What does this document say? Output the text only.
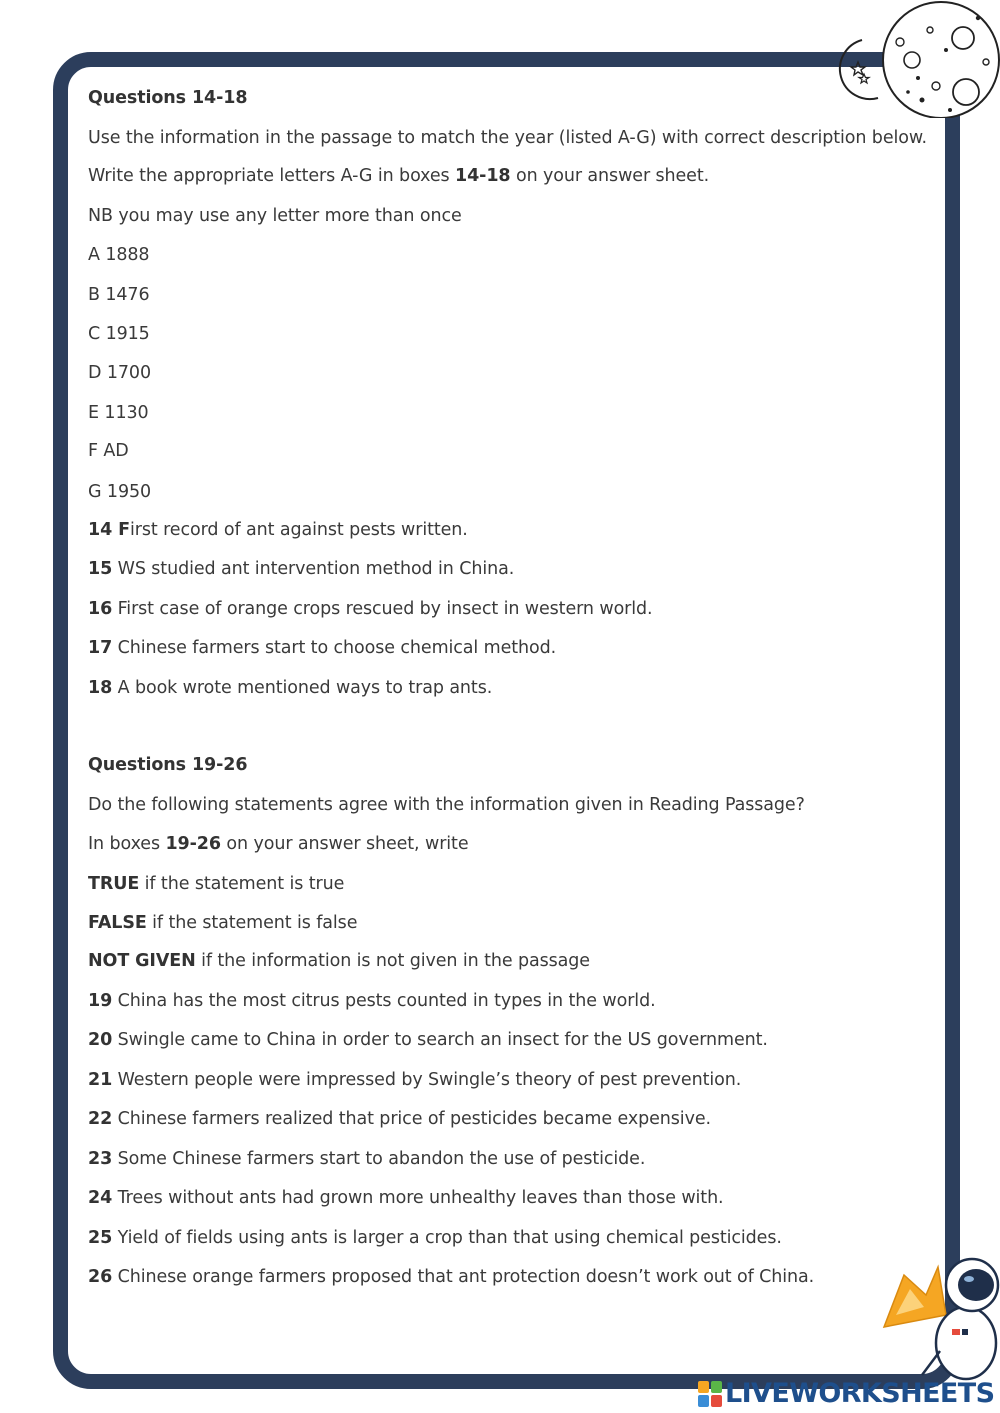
Questions 14-18
Use the information in the passage to match the year (listed A-G) with correct description below.
Write the appropriate letters A-G in boxes 14-18 on your answer sheet.
NB you may use any letter more than once
A 1888
B 1476
C 1915
D 1700
E 1130
F AD
G 1950
14 First record of ant against pests written.
15 WS studied ant intervention method in China.
16 First case of orange crops rescued by insect in western world.
17 Chinese farmers start to choose chemical method.
18 A book wrote mentioned ways to trap ants.
Questions 19-26
Do the following statements agree with the information given in Reading Passage?
In boxes 19-26 on your answer sheet, write
TRUE if the statement is true
FALSE if the statement is false
NOT GIVEN if the information is not given in the passage
19 China has the most citrus pests counted in types in the world.
20 Swingle came to China in order to search an insect for the US government.
21 Western people were impressed by Swingle’s theory of pest prevention.
22 Chinese farmers realized that price of pesticides became expensive.
23 Some Chinese farmers start to abandon the use of pesticide.
24 Trees without ants had grown more unhealthy leaves than those with.
25 Yield of fields using ants is larger a crop than that using chemical pesticides.
26 Chinese orange farmers proposed that ant protection doesn’t work out of China.
LIVEWORKSHEETS
